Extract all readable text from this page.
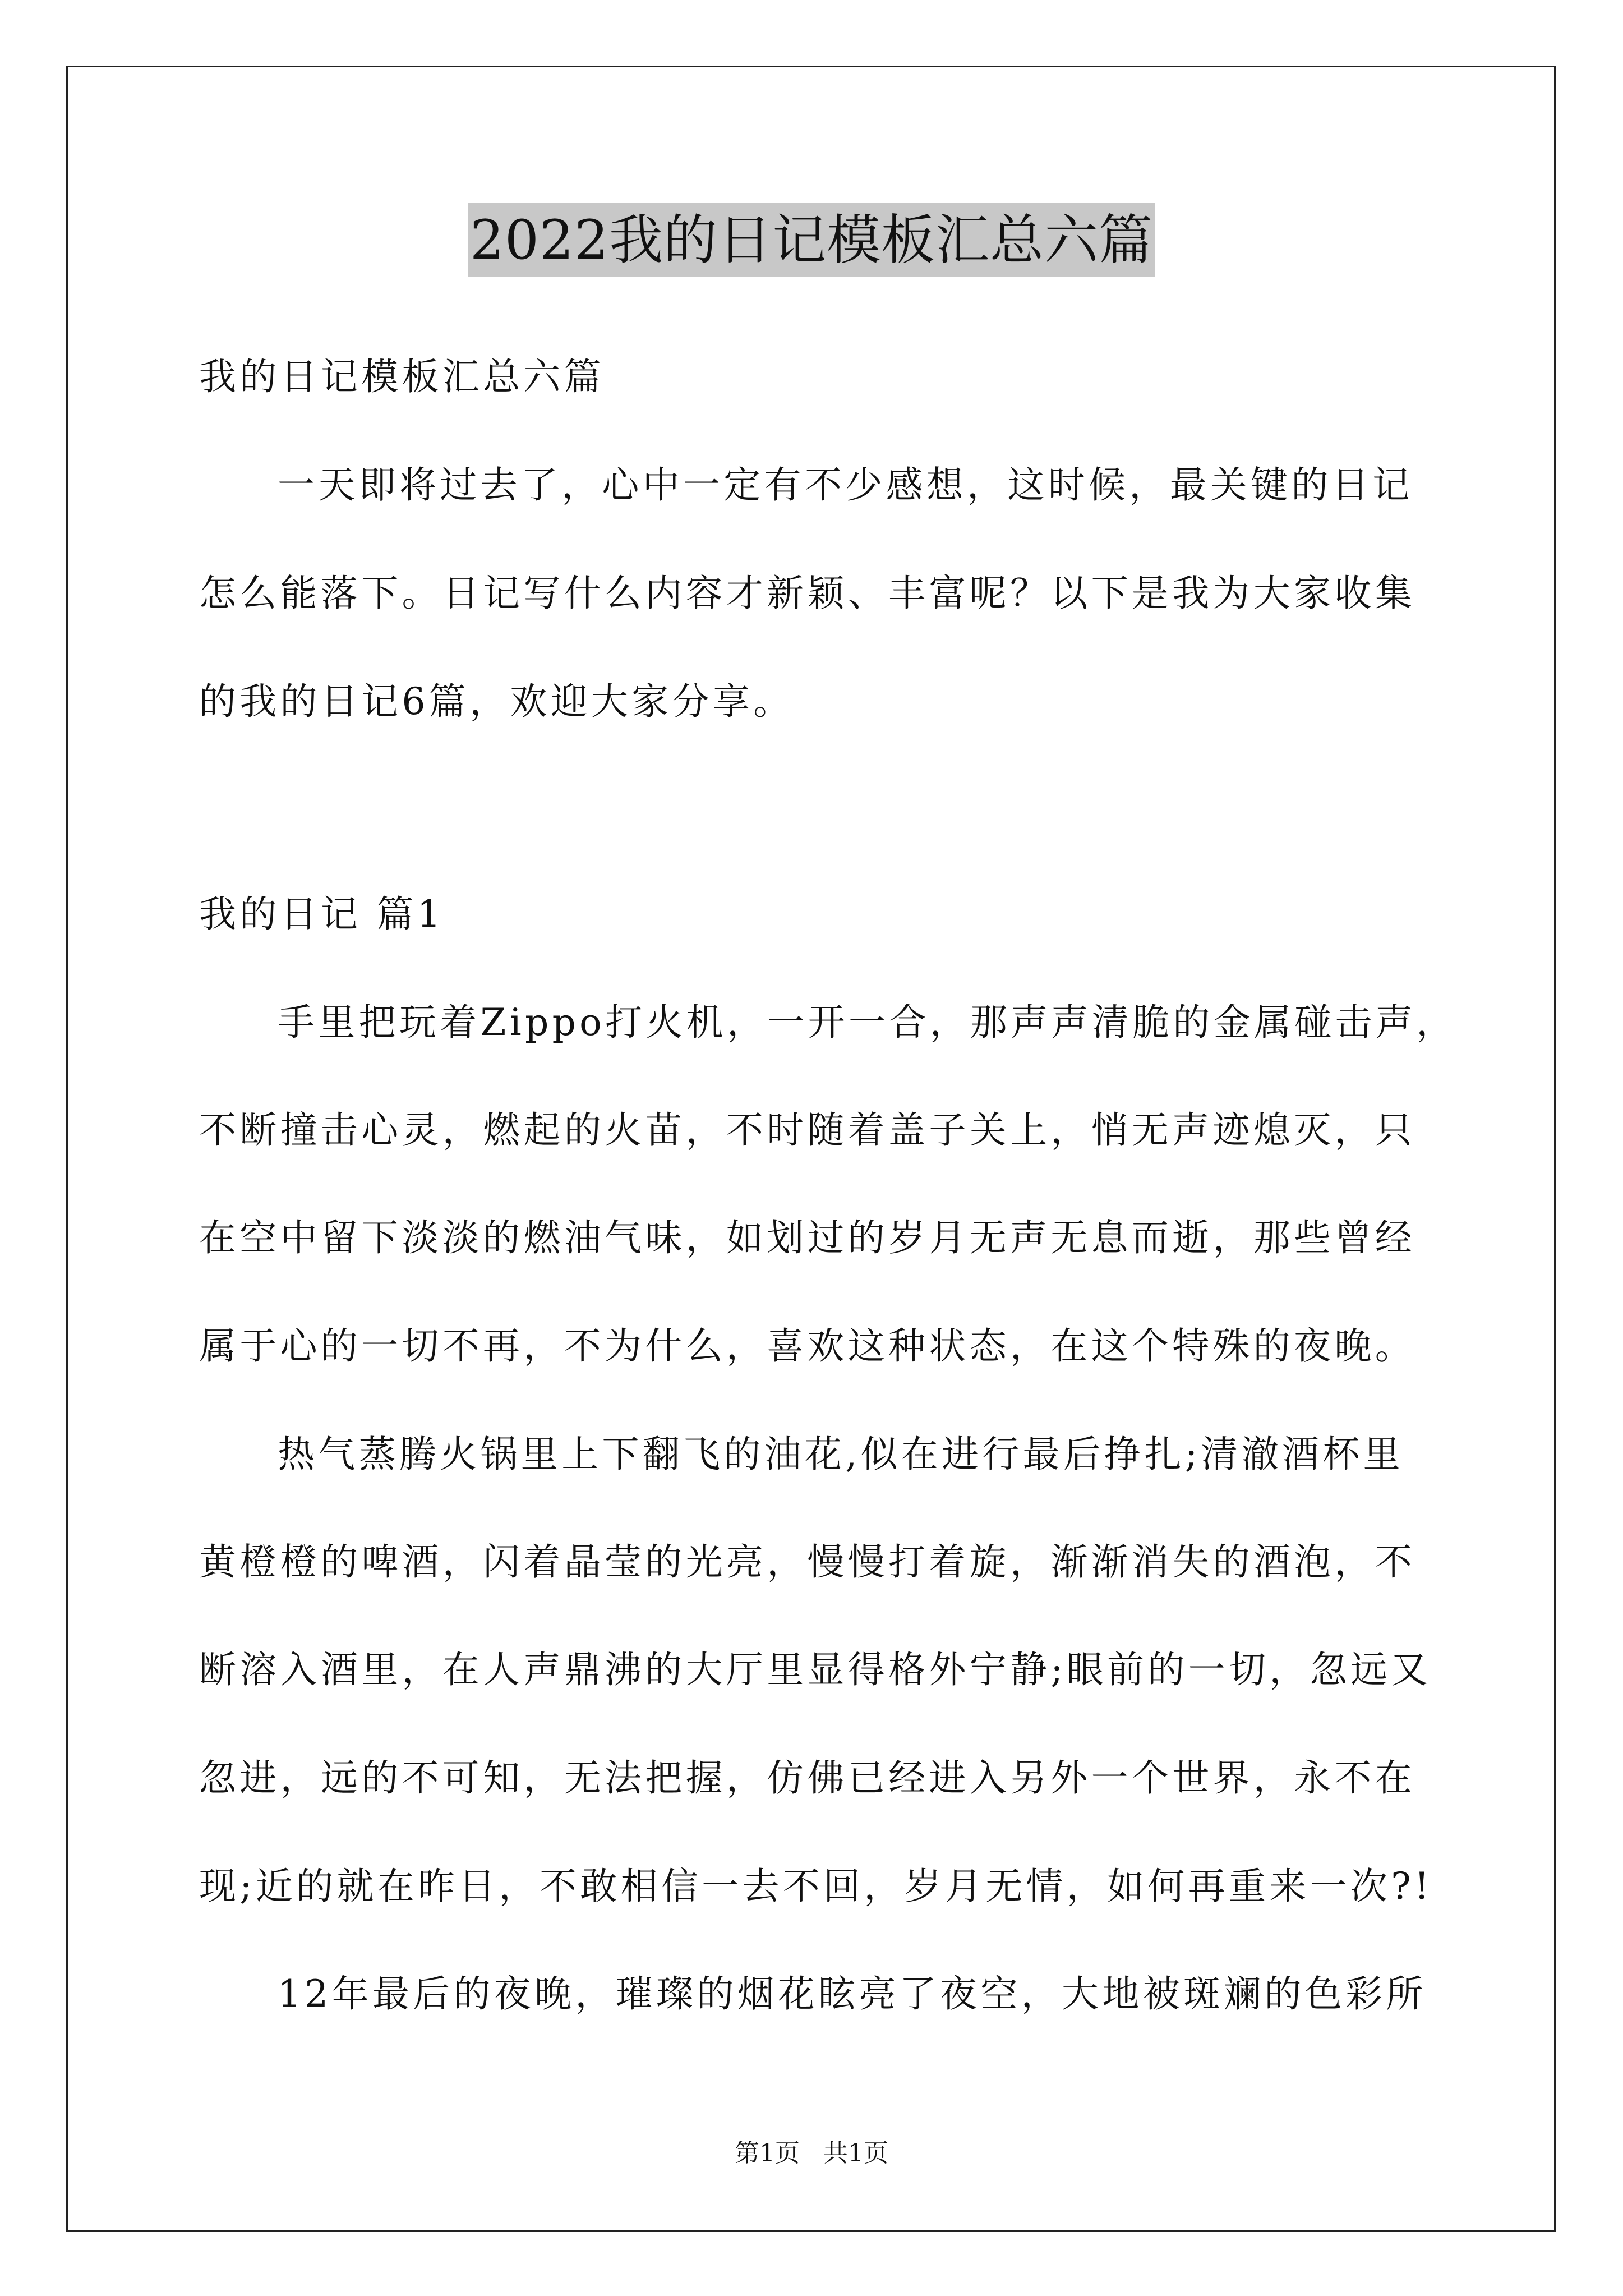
2022我的日记模板汇总六篇
我的日记模板汇总六篇
一天即将过去了，心中一定有不少感想，这时候，最关键的日记
怎么能落下。日记写什么内容才新颖、丰富呢？以下是我为大家收集
的我的日记6篇，欢迎大家分享。
我的日记 篇1
手里把玩着Zippo打火机，一开一合，那声声清脆的金属碰击声，
不断撞击心灵，燃起的火苗，不时随着盖子关上，悄无声迹熄灭，只
在空中留下淡淡的燃油气味，如划过的岁月无声无息而逝，那些曾经
属于心的一切不再，不为什么，喜欢这种状态，在这个特殊的夜晚。
热气蒸腾火锅里上下翻飞的油花,似在进行最后挣扎;清澈酒杯里
黄橙橙的啤酒，闪着晶莹的光亮，慢慢打着旋，渐渐消失的酒泡，不
断溶入酒里，在人声鼎沸的大厅里显得格外宁静;眼前的一切，忽远又
忽进，远的不可知，无法把握，仿佛已经进入另外一个世界，永不在
现;近的就在昨日，不敢相信一去不回，岁月无情，如何再重来一次?!
12年最后的夜晚，璀璨的烟花眩亮了夜空，大地被斑斓的色彩所
第1页   共1页
